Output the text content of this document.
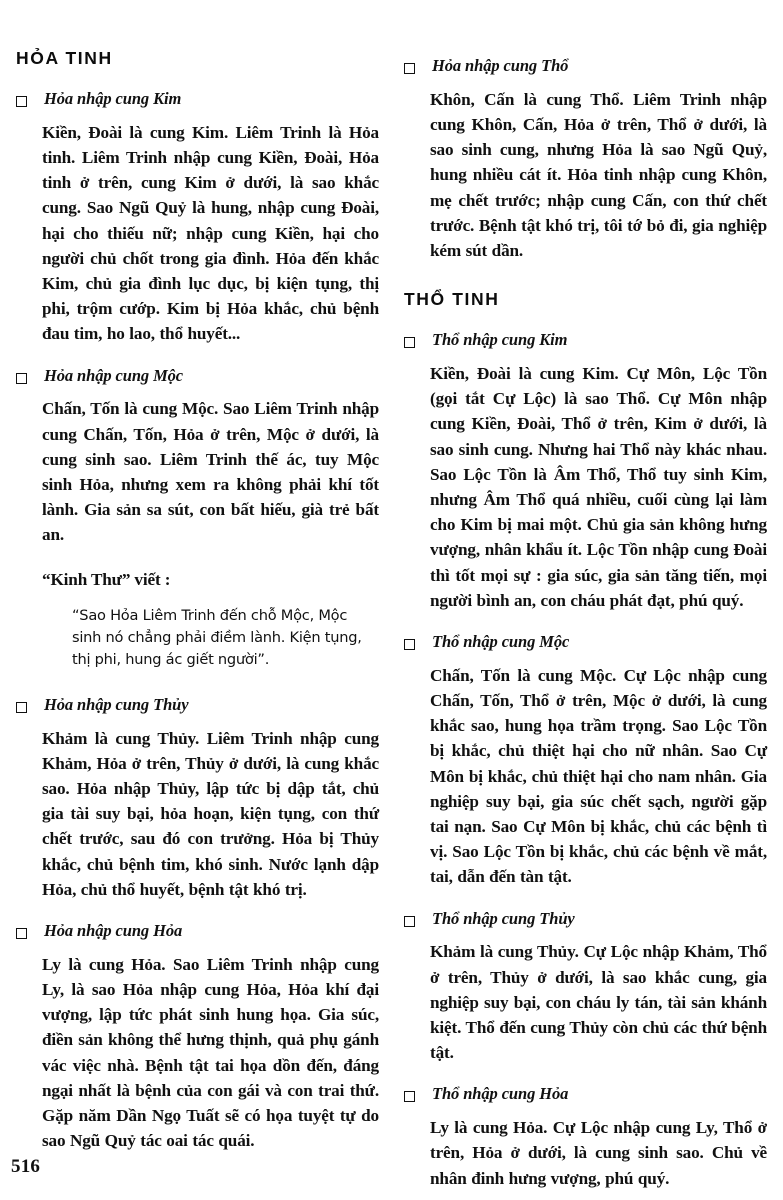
HỎA TINH
Hỏa nhập cung Kim

Kiền, Đoài là cung Kim. Liêm Trinh là Hỏa tinh. Liêm Trinh nhập cung Kiền, Đoài, Hỏa tinh ở trên, cung Kim ở dưới, là sao khắc cung. Sao Ngũ Quỷ là hung, nhập cung Đoài, hại cho thiếu nữ; nhập cung Kiền, hại cho người chủ chốt trong gia đình. Hỏa đến khắc Kim, chủ gia đình lục dục, bị kiện tụng, thị phi, trộm cướp. Kim bị Hỏa khắc, chủ bệnh đau tim, ho lao, thổ huyết...

Hỏa nhập cung Mộc

Chấn, Tốn là cung Mộc. Sao Liêm Trinh nhập cung Chấn, Tốn, Hỏa ở trên, Mộc ở dưới, là cung sinh sao. Liêm Trinh thế ác, tuy Mộc sinh Hỏa, nhưng xem ra không phải khí tốt lành. Gia sản sa sút, con bất hiếu, già trẻ bất an.

“Kinh Thư” viết :

“Sao Hỏa Liêm Trinh đến chỗ Mộc, Mộc sinh nó chẳng phải điềm lành. Kiện tụng, thị phi, hung ác giết người”.
Hỏa nhập cung Thủy

Khảm là cung Thủy. Liêm Trinh nhập cung Khảm, Hỏa ở trên, Thủy ở dưới, là cung khắc sao. Hỏa nhập Thủy, lập tức bị dập tắt, chủ gia tài suy bại, hỏa hoạn, kiện tụng, con thứ chết trước, sau đó con trưởng. Hỏa bị Thủy khắc, chủ bệnh tim, khó sinh. Nước lạnh dập Hỏa, chủ thổ huyết, bệnh tật khó trị.

Hỏa nhập cung Hỏa

Ly là cung Hỏa. Sao Liêm Trinh nhập cung Ly, là sao Hỏa nhập cung Hỏa, Hỏa khí đại vượng, lập tức phát sinh hung họa. Gia súc, điền sản không thể hưng thịnh, quả phụ gánh vác việc nhà. Bệnh tật tai họa dồn đến, đáng ngại nhất là bệnh của con gái và con trai thứ. Gặp năm Dần Ngọ Tuất sẽ có họa tuyệt tự do sao Ngũ Quỷ tác oai tác quái.

Hỏa nhập cung Thổ

Khôn, Cấn là cung Thổ. Liêm Trinh nhập cung Khôn, Cấn, Hỏa ở trên, Thổ ở dưới, là sao sinh cung, nhưng Hỏa là sao Ngũ Quỷ, hung nhiều cát ít. Hỏa tinh nhập cung Khôn, mẹ chết trước; nhập cung Cấn, con thứ chết trước. Bệnh tật khó trị, tôi tớ bỏ đi, gia nghiệp kém sút dần.

THỔ TINH
Thổ nhập cung Kim

Kiền, Đoài là cung Kim. Cự Môn, Lộc Tồn (gọi tắt Cự Lộc) là sao Thổ. Cự Môn nhập cung Kiền, Đoài, Thổ ở trên, Kim ở dưới, là sao sinh cung. Nhưng hai Thổ này khác nhau. Sao Lộc Tồn là Âm Thổ, Thổ tuy sinh Kim, nhưng Âm Thổ quá nhiều, cuối cùng lại làm cho Kim bị mai một. Chủ gia sản không hưng vượng, nhân khẩu ít. Lộc Tồn nhập cung Đoài thì tốt mọi sự : gia súc, gia sản tăng tiến, mọi người bình an, con cháu phát đạt, phú quý.

Thổ nhập cung Mộc

Chấn, Tốn là cung Mộc. Cự Lộc nhập cung Chấn, Tốn, Thổ ở trên, Mộc ở dưới, là cung khắc sao, hung họa trầm trọng. Sao Lộc Tồn bị khắc, chủ thiệt hại cho nữ nhân. Sao Cự Môn bị khắc, chủ thiệt hại cho nam nhân. Gia nghiệp suy bại, gia súc chết sạch, người gặp tai nạn. Sao Cự Môn bị khắc, chủ các bệnh tì vị. Sao Lộc Tồn bị khắc, chủ các bệnh về mắt, tai, dẫn đến tàn tật.

Thổ nhập cung Thủy

Khảm là cung Thủy. Cự Lộc nhập Khảm, Thổ ở trên, Thủy ở dưới, là sao khắc cung, gia nghiệp suy bại, con cháu ly tán, tài sản khánh kiệt. Thổ đến cung Thủy còn chủ các thứ bệnh tật.

Thổ nhập cung Hỏa

Ly là cung Hỏa. Cự Lộc nhập cung Ly, Thổ ở trên, Hỏa ở dưới, là cung sinh sao. Chủ về nhân đinh hưng vượng, phú quý.

516
